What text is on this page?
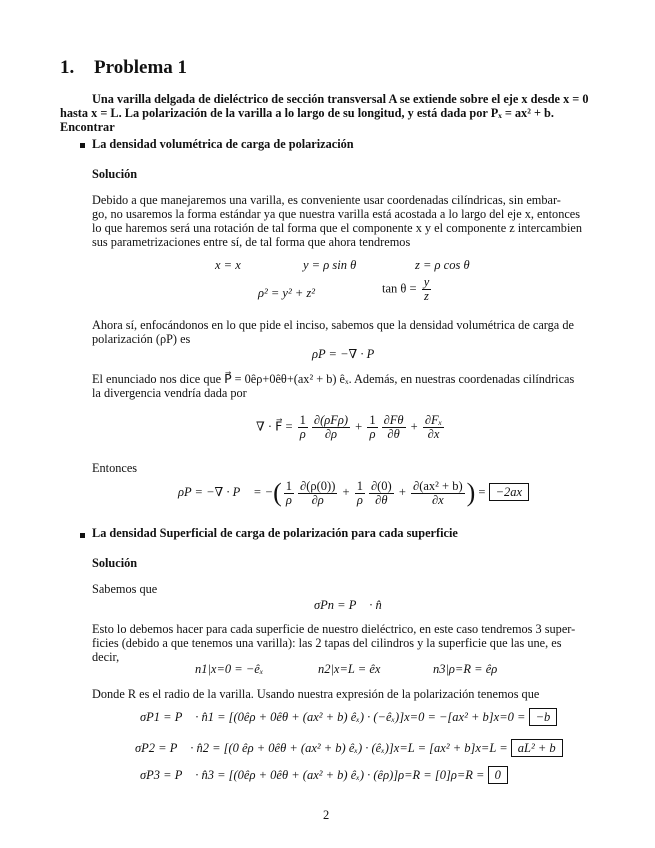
1. Problema 1
Una varilla delgada de dieléctrico de sección transversal A se extiende sobre el eje x desde x = 0
hasta x = L. La polarización de la varilla a lo largo de su longitud, y está dada por Pₓ = ax² + b.
Encontrar
La densidad volumétrica de carga de polarización
Solución
Debido a que manejaremos una varilla, es conveniente usar coordenadas cilíndricas, sin embar-
go, no usaremos la forma estándar ya que nuestra varilla está acostada a lo largo del eje x, entonces
lo que haremos será una rotación de tal forma que el componente x y el componente z intercambien
sus parametrizaciones entre sí, de tal forma que ahora tendremos
x = x	y = ρ sin θ	z = ρ cos θ
ρ² = y² + z²	$\tan \theta = \frac{y}{z}$
Ahora sí, enfocándonos en lo que pide el inciso, sabemos que la densidad volumétrica de carga de
polarización (ρP) es
ρP = −∇ · P⃗
El enunciado nos dice que P⃗ = 0êρ+0êθ+(ax² + b) êₓ. Además, en nuestras coordenadas cilíndricas
la divergencia vendría dada por
∇ · F⃗ = $\frac{1}{\rho} \frac{\text{∂(ρFρ)}}{\partial\rho} + \frac{1}{\rho} \frac{\partial F\theta}{\partial\theta} + \frac{\text{∂Fₓ}}{\partial x}$
Entonces
ρP = −∇ · P⃗ = −( $\frac{1}{\rho} \frac{\partial(\rho(0))}{\partial\rho} + \frac{1}{\rho} \frac{\partial(0)}{\partial\theta} + \frac{\text{∂(ax² + b)}}{\partial x}$ ) = −2ax
La densidad Superficial de carga de polarización para cada superficie
Solución
Sabemos que
σPn = P⃗ · n̂
Esto lo debemos hacer para cada superficie de nuestro dieléctrico, en este caso tendremos 3 super-
ficies (debido a que tenemos una varilla): las 2 tapas del cilindros y la superficie que las une, es
decir,
n1|x=0 = −êₓ	n2|x=L = êx	n3|ρ=R = êρ
Donde R es el radio de la varilla. Usando nuestra expresión de la polarización tenemos que
σP1 = P⃗ · n̂1 = [(0êρ + 0êθ + (ax² + b) êₓ) · (−êₓ)]x=0 = −[ax² + b]x=0 = −b
σP2 = P⃗ · n̂2 = [(0 êρ + 0êθ + (ax² + b) êₓ) · (êₓ)]x=L = [ax² + b]x=L = aL² + b
σP3 = P⃗ · n̂3 = [(0êρ + 0êθ + (ax² + b) êₓ) · (êρ)]ρ=R = [0]ρ=R = 0
2
